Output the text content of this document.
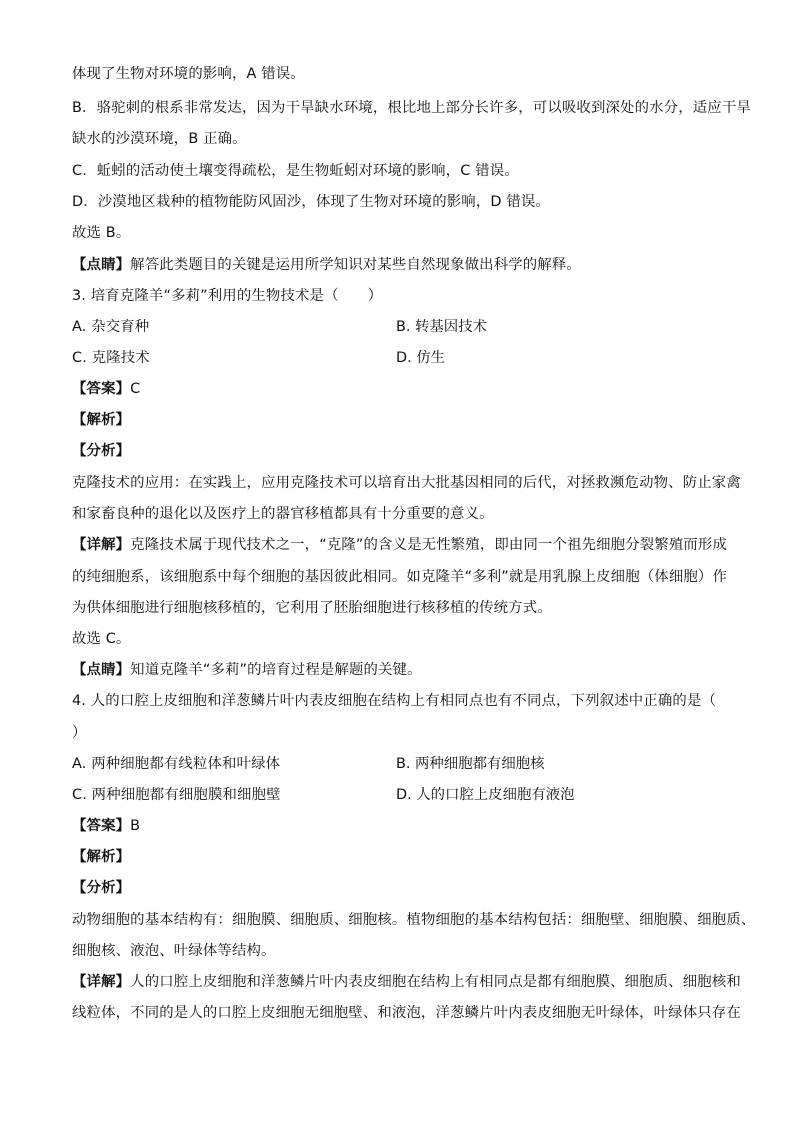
体现了生物对环境的影响，A 错误。
B．骆驼刺的根系非常发达，因为干旱缺水环境，根比地上部分长许多，可以吸收到深处的水分，适应干旱
缺水的沙漠环境，B 正确。
C．蚯蚓的活动使土壤变得疏松，是生物蚯蚓对环境的影响，C 错误。
D．沙漠地区栽种的植物能防风固沙，体现了生物对环境的影响，D 错误。
故选 B。
【点睛】解答此类题目的关键是运用所学知识对某些自然现象做出科学的解释。
3. 培育克隆羊“多莉”利用的生物技术是（　　）
A. 杂交育种	B. 转基因技术
C. 克隆技术	D. 仿生
【答案】C
【解析】
【分析】
克隆技术的应用：在实践上，应用克隆技术可以培育出大批基因相同的后代，对拯救濒危动物、防止家禽
和家畜良种的退化以及医疗上的器官移植都具有十分重要的意义。
【详解】克隆技术属于现代技术之一，“克隆”的含义是无性繁殖，即由同一个祖先细胞分裂繁殖而形成
的纯细胞系，该细胞系中每个细胞的基因彼此相同。如克隆羊“多利”就是用乳腺上皮细胞（体细胞）作
为供体细胞进行细胞核移植的，它利用了胚胎细胞进行核移植的传统方式。
故选 C。
【点睛】知道克隆羊“多莉”的培育过程是解题的关键。
4. 人的口腔上皮细胞和洋葱鳞片叶内表皮细胞在结构上有相同点也有不同点，下列叙述中正确的是（
）
A. 两种细胞都有线粒体和叶绿体	B. 两种细胞都有细胞核
C. 两种细胞都有细胞膜和细胞壁	D. 人的口腔上皮细胞有液泡
【答案】B
【解析】
【分析】
动物细胞的基本结构有：细胞膜、细胞质、细胞核。植物细胞的基本结构包括：细胞壁、细胞膜、细胞质、
细胞核、液泡、叶绿体等结构。
【详解】人的口腔上皮细胞和洋葱鳞片叶内表皮细胞在结构上有相同点是都有细胞膜、细胞质、细胞核和
线粒体，不同的是人的口腔上皮细胞无细胞壁、和液泡，洋葱鳞片叶内表皮细胞无叶绿体，叶绿体只存在
